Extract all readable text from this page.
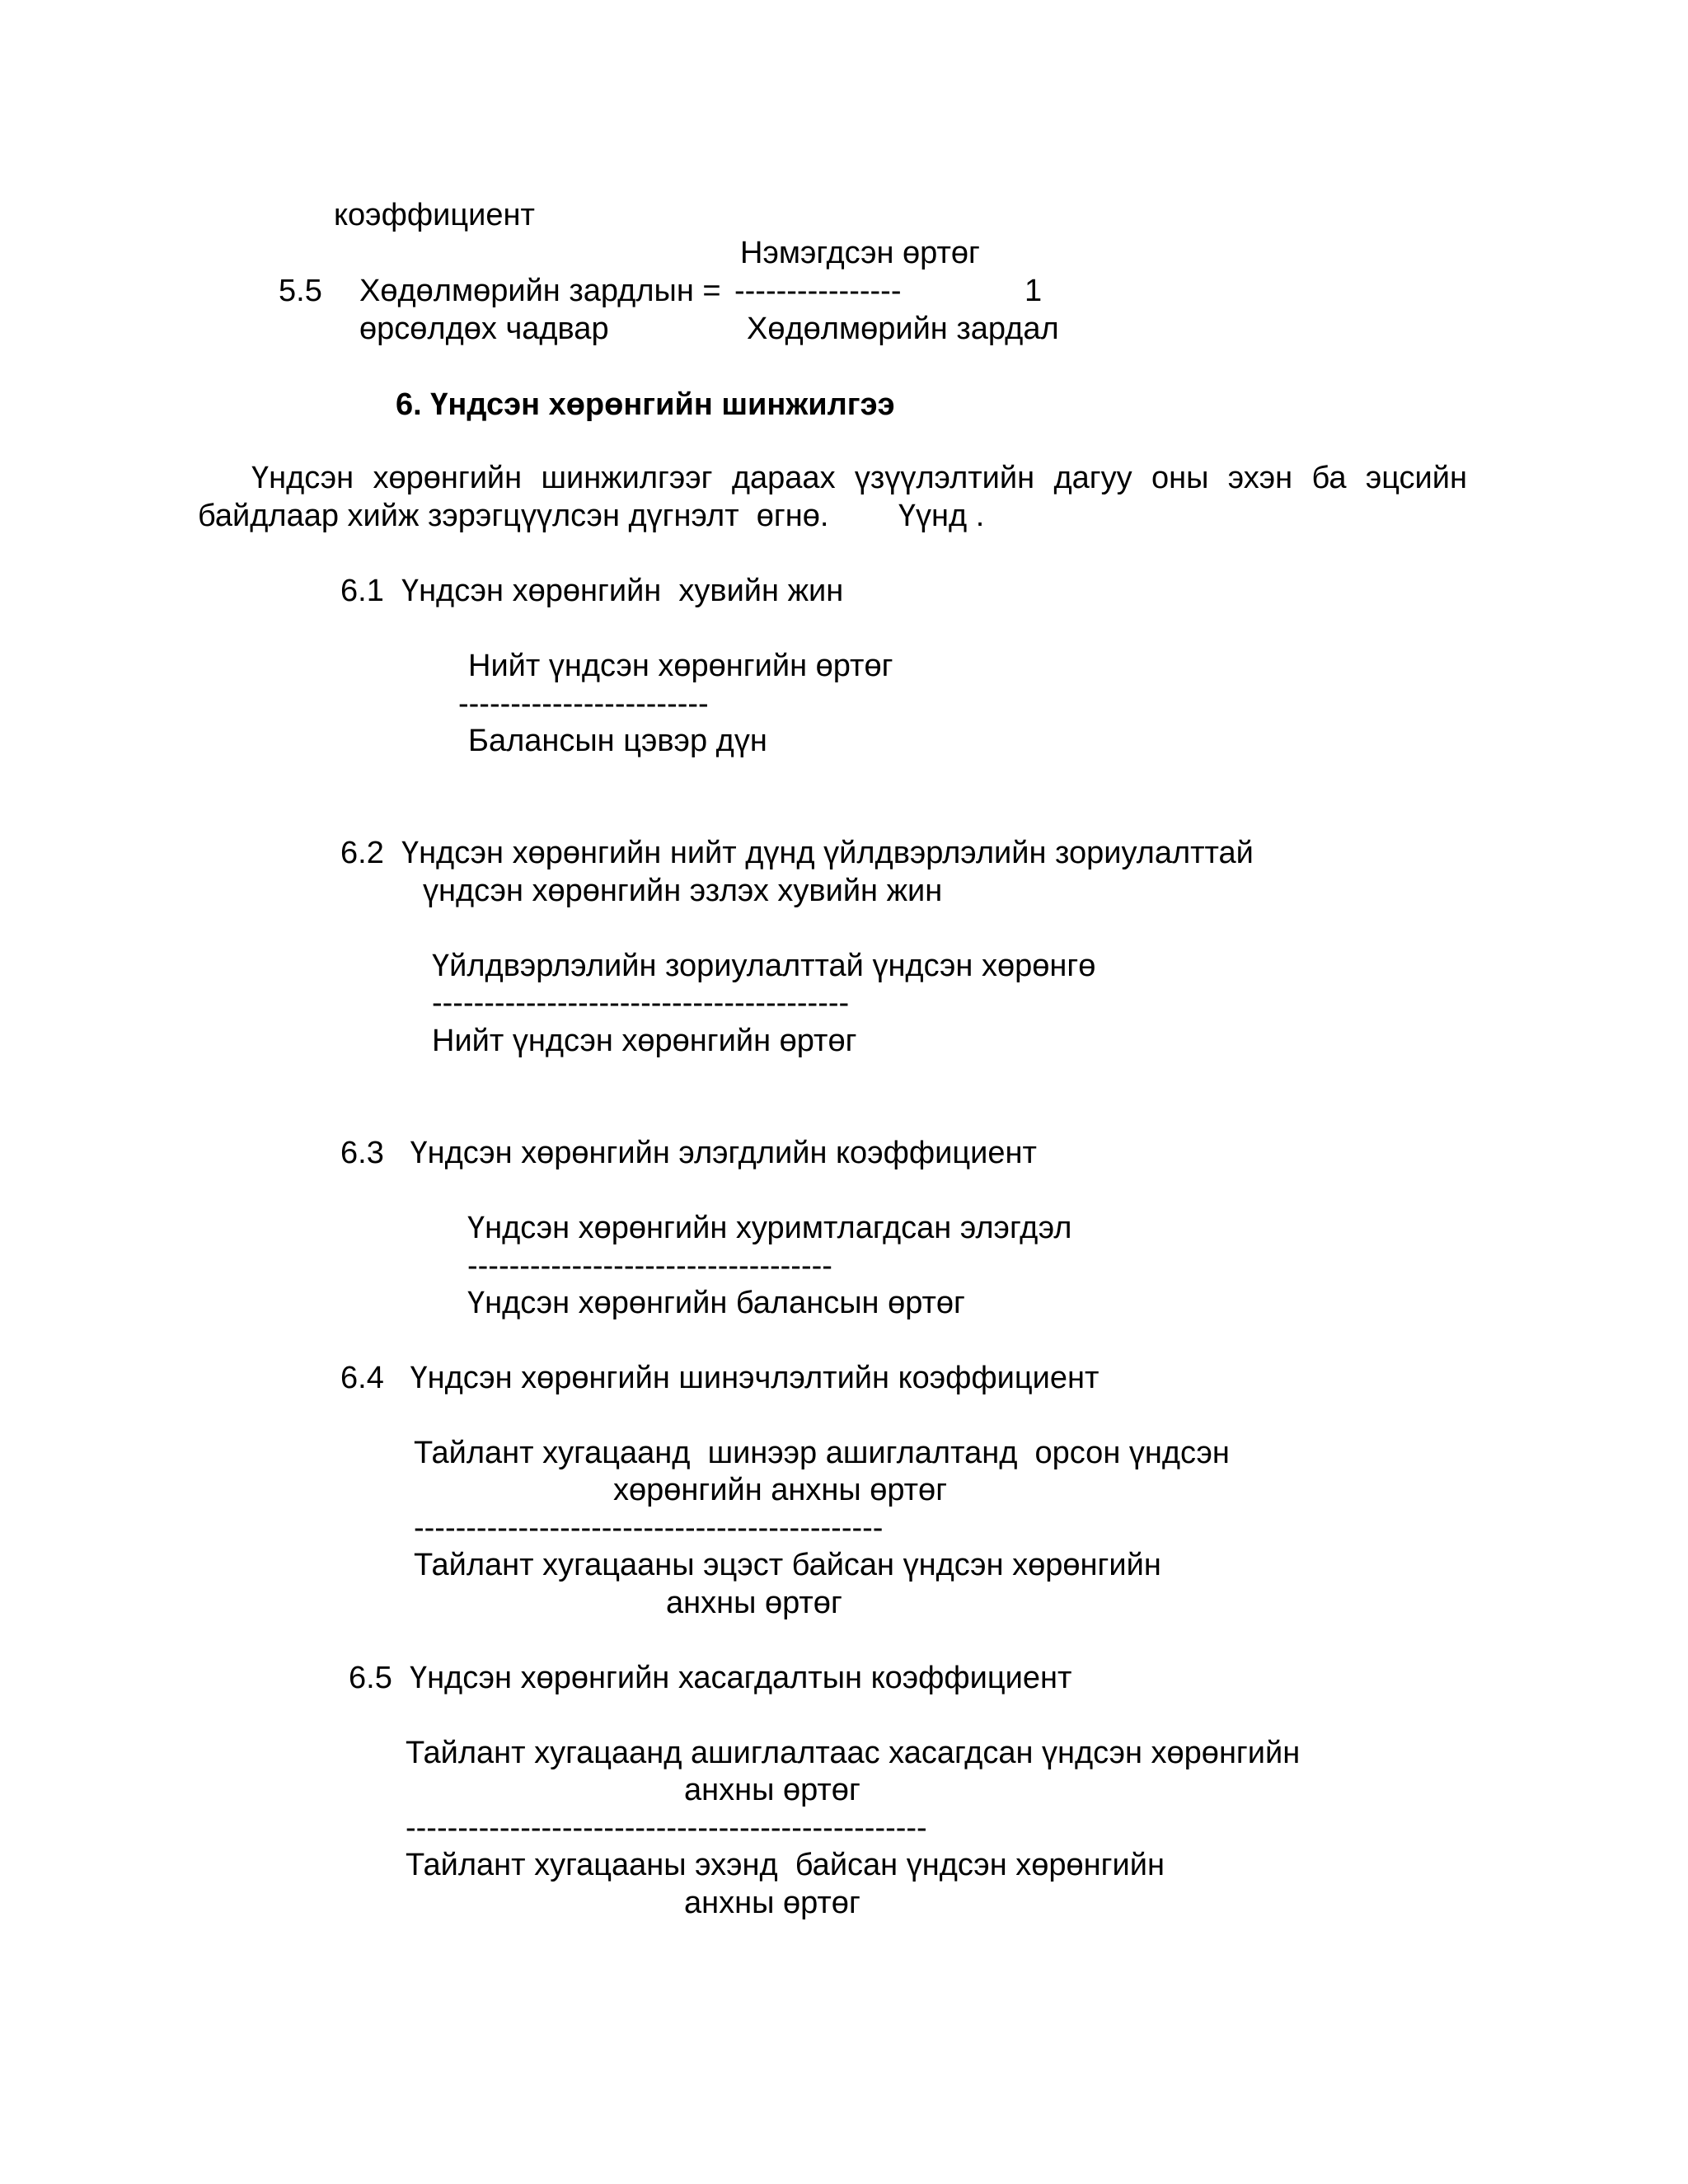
коэффициент
Нэмэгдсэн өртөг
5.5 Хөдөлмөрийн зардлын = ----------------	1
өрсөлдөх чадвар	Хөдөлмөрийн зардал
6. Үндсэн хөрөнгийн шинжилгээ
Үндсэн хөрөнгийн шинжилгээг дараах үзүүлэлтийн дагуу оны эхэн ба эцсийн
байдлаар хийж зэрэгцүүлсэн дүгнэлт  өгнө.        Үүнд .
6.1  Үндсэн хөрөнгийн  хувийн жин
Нийт үндсэн хөрөнгийн өртөг
------------------------
Балансын цэвэр дүн
6.2  Үндсэн хөрөнгийн нийт дүнд үйлдвэрлэлийн зориулалттай
үндсэн хөрөнгийн эзлэх хувийн жин
Үйлдвэрлэлийн зориулалттай үндсэн хөрөнгө
----------------------------------------
Нийт үндсэн хөрөнгийн өртөг
6.3   Үндсэн хөрөнгийн элэгдлийн коэффициент
Үндсэн хөрөнгийн хуримтлагдсан элэгдэл
-----------------------------------
Үндсэн хөрөнгийн балансын өртөг
6.4   Үндсэн хөрөнгийн шинэчлэлтийн коэффициент
Тайлант хугацаанд  шинээр ашиглалтанд  орсон үндсэн
хөрөнгийн анхны өртөг
---------------------------------------------
Тайлант хугацааны эцэст байсан үндсэн хөрөнгийн
анхны өртөг
6.5  Үндсэн хөрөнгийн хасагдалтын коэффициент
Тайлант хугацаанд ашиглалтаас хасагдсан үндсэн хөрөнгийн
анхны өртөг
--------------------------------------------------
Тайлант хугацааны эхэнд  байсан үндсэн хөрөнгийн
анхны өртөг
